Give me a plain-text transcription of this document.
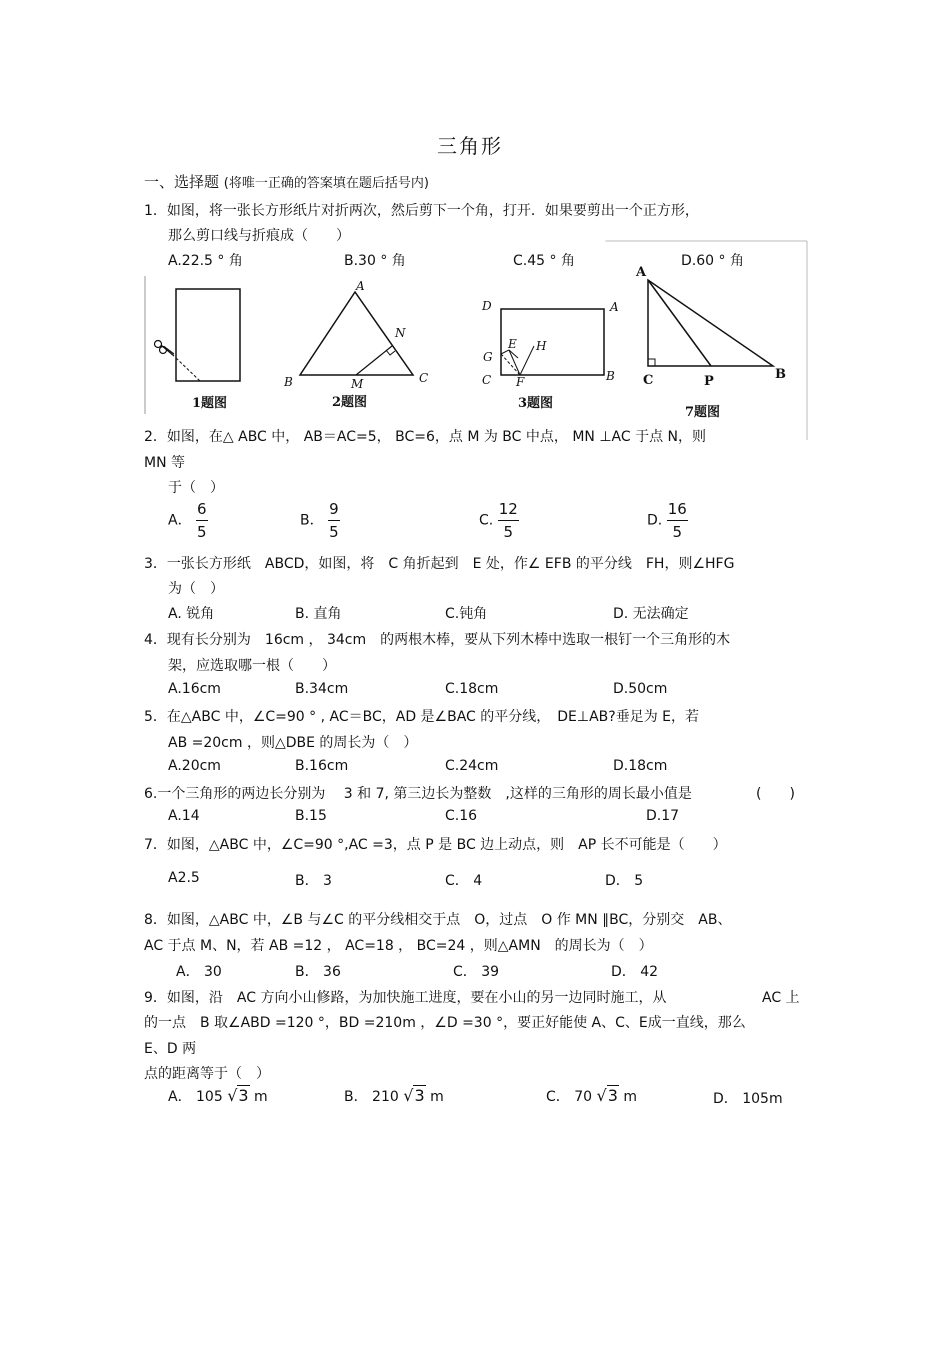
三角形
一、选择题 (将唯一正确的答案填在题后括号内)
1．如图，将一张长方形纸片对折两次，然后剪下一个角，打开．如果要剪出一个正方形，
那么剪口线与折痕成（　　）
A.22.5 ° 角	B.30 ° 角	C.45 ° 角	D.60 ° 角
1题图
A
B	C
M
N
2题图
D	A
G
E H
C F	B
3题图
A
C	P	B
7题图
2．如图，在△ ABC 中， AB＝AC=5， BC=6，点 M 为 BC 中点， MN ⊥AC 于点 N，则
MN 等
于（　）
A． $\frac{6}{5}$	B． $\frac{9}{5}$	C. $\frac{12}{5}$	D. $\frac{16}{5}$
3．一张长方形纸　ABCD，如图，将　C 角折起到　E 处，作∠ EFB 的平分线　FH，则∠HFG
为（　）
A. 锐角	B. 直角	C.钝角	D. 无法确定
4．现有长分别为　16cm ， 34cm　的两根木棒，要从下列木棒中选取一根钉一个三角形的木
架，应选取哪一根（　　）
A.16cm	B.34cm	C.18cm	D.50cm
5．在△ABC 中，∠C=90 ° , AC＝BC，AD 是∠BAC 的平分线，　DE⊥AB?垂足为 E，若
AB =20cm ，则△DBE 的周长为（　）
A.20cm	B.16cm	C.24cm	D.18cm
6.一个三角形的两边长分别为　 3 和 7, 第三边长为整数　,这样的三角形的周长最小值是	(　　)
A.14	B.15	C.16	D.17
7．如图，△ABC 中，∠C=90 °,AC =3，点 P 是 BC 边上动点，则　AP 长不可能是（　　）
A2.5	B． 3	C． 4	D． 5
8．如图，△ABC 中，∠B 与∠C 的平分线相交于点　O，过点　O 作 MN ∥BC，分别交　AB、
AC 于点 M、N，若 AB =12 ， AC=18 ， BC=24 ，则△AMN　的周长为（　）
A． 30	B． 36	C． 39	D． 42
9．如图，沿　AC 方向小山修路，为加快施工进度，要在小山的另一边同时施工，从	AC 上
的一点　B 取∠ABD =120 °，BD =210m ，∠D =30 °，要正好能使 A、C、E成一直线，那么
E、D 两
点的距离等于（　）
A． 105 √3 m	B． 210 √3 m	C． 70 √3 m	D． 105m
